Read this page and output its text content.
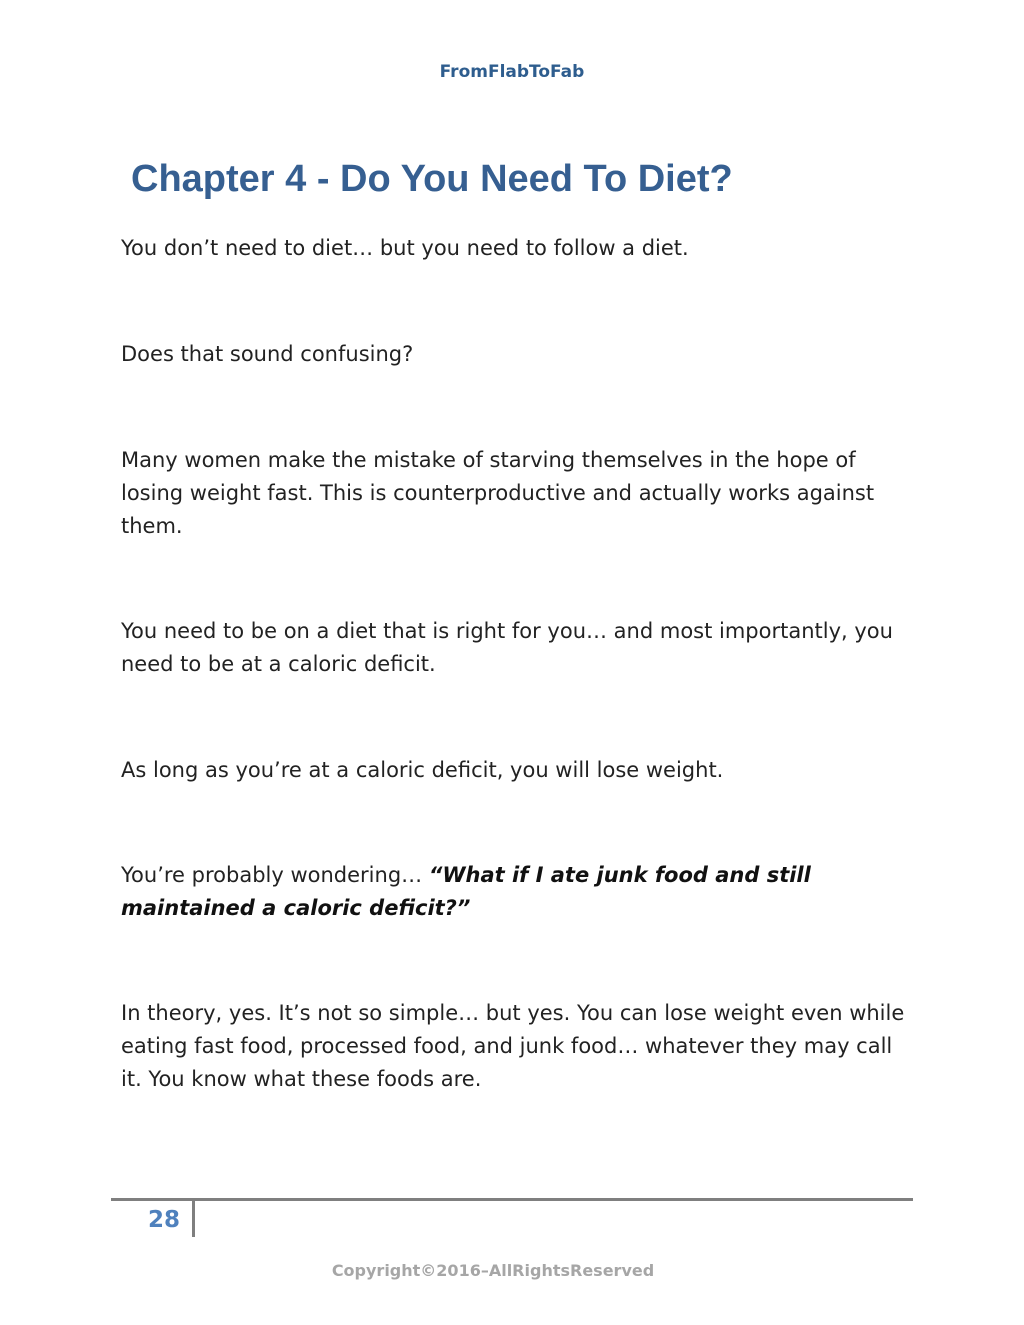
FromFlabToFab
Chapter 4 - Do You Need To Diet?
You don’t need to diet… but you need to follow a diet.
Does that sound confusing?
Many women make the mistake of starving themselves in the hope of losing weight fast. This is counterproductive and actually works against them.
You need to be on a diet that is right for you… and most importantly, you need to be at a caloric deficit.
As long as you’re at a caloric deficit, you will lose weight.
You’re probably wondering… “What if I ate junk food and still maintained a caloric deficit?”
In theory, yes. It’s not so simple… but yes. You can lose weight even while eating fast food, processed food, and junk food… whatever they may call it. You know what these foods are.
28
Copyright©2016–AllRightsReserved
